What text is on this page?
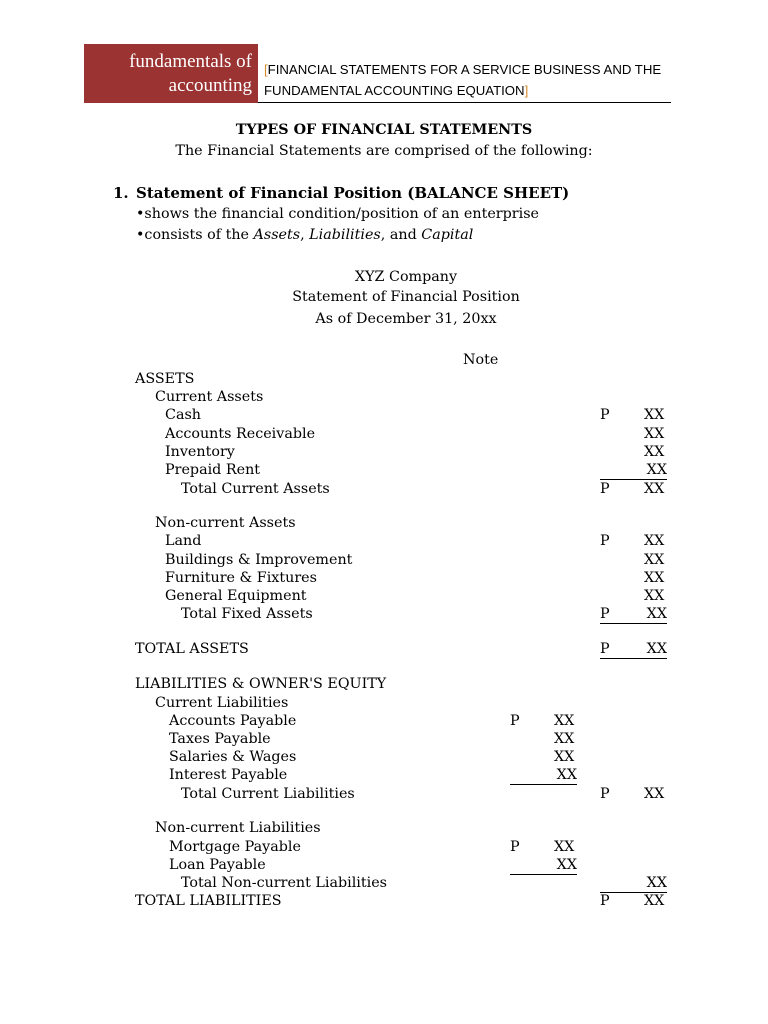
fundamentals of
accounting
[FINANCIAL STATEMENTS FOR A SERVICE BUSINESS AND THE
FUNDAMENTAL ACCOUNTING EQUATION]
TYPES OF FINANCIAL STATEMENTS
The Financial Statements are comprised of the following:
1. Statement of Financial Position (BALANCE SHEET)
•shows the financial condition/position of an enterprise
•consists of the Assets, Liabilities, and Capital
XYZ Company
Statement of Financial Position
As of December 31, 20xx
Note
ASSETS
Current Assets
Cash
Accounts Receivable
Inventory
Prepaid Rent
Total Current Assets
Non-current Assets
Land
Buildings & Improvement
Furniture & Fixtures
General Equipment
Total Fixed Assets
TOTAL ASSETS
LIABILITIES & OWNER'S EQUITY
Current Liabilities
Accounts Payable
Taxes Payable
Salaries & Wages
Interest Payable
Total Current Liabilities
Non-current Liabilities
Mortgage Payable
Loan Payable
Total Non-current Liabilities
TOTAL LIABILITIES
P XX
XX
XX
XX
P XX
P XX
XX
XX
XX
P	XX
P	XX
P XX
XX
XX
XX
P XX
P XX
XX
XX
P XX
